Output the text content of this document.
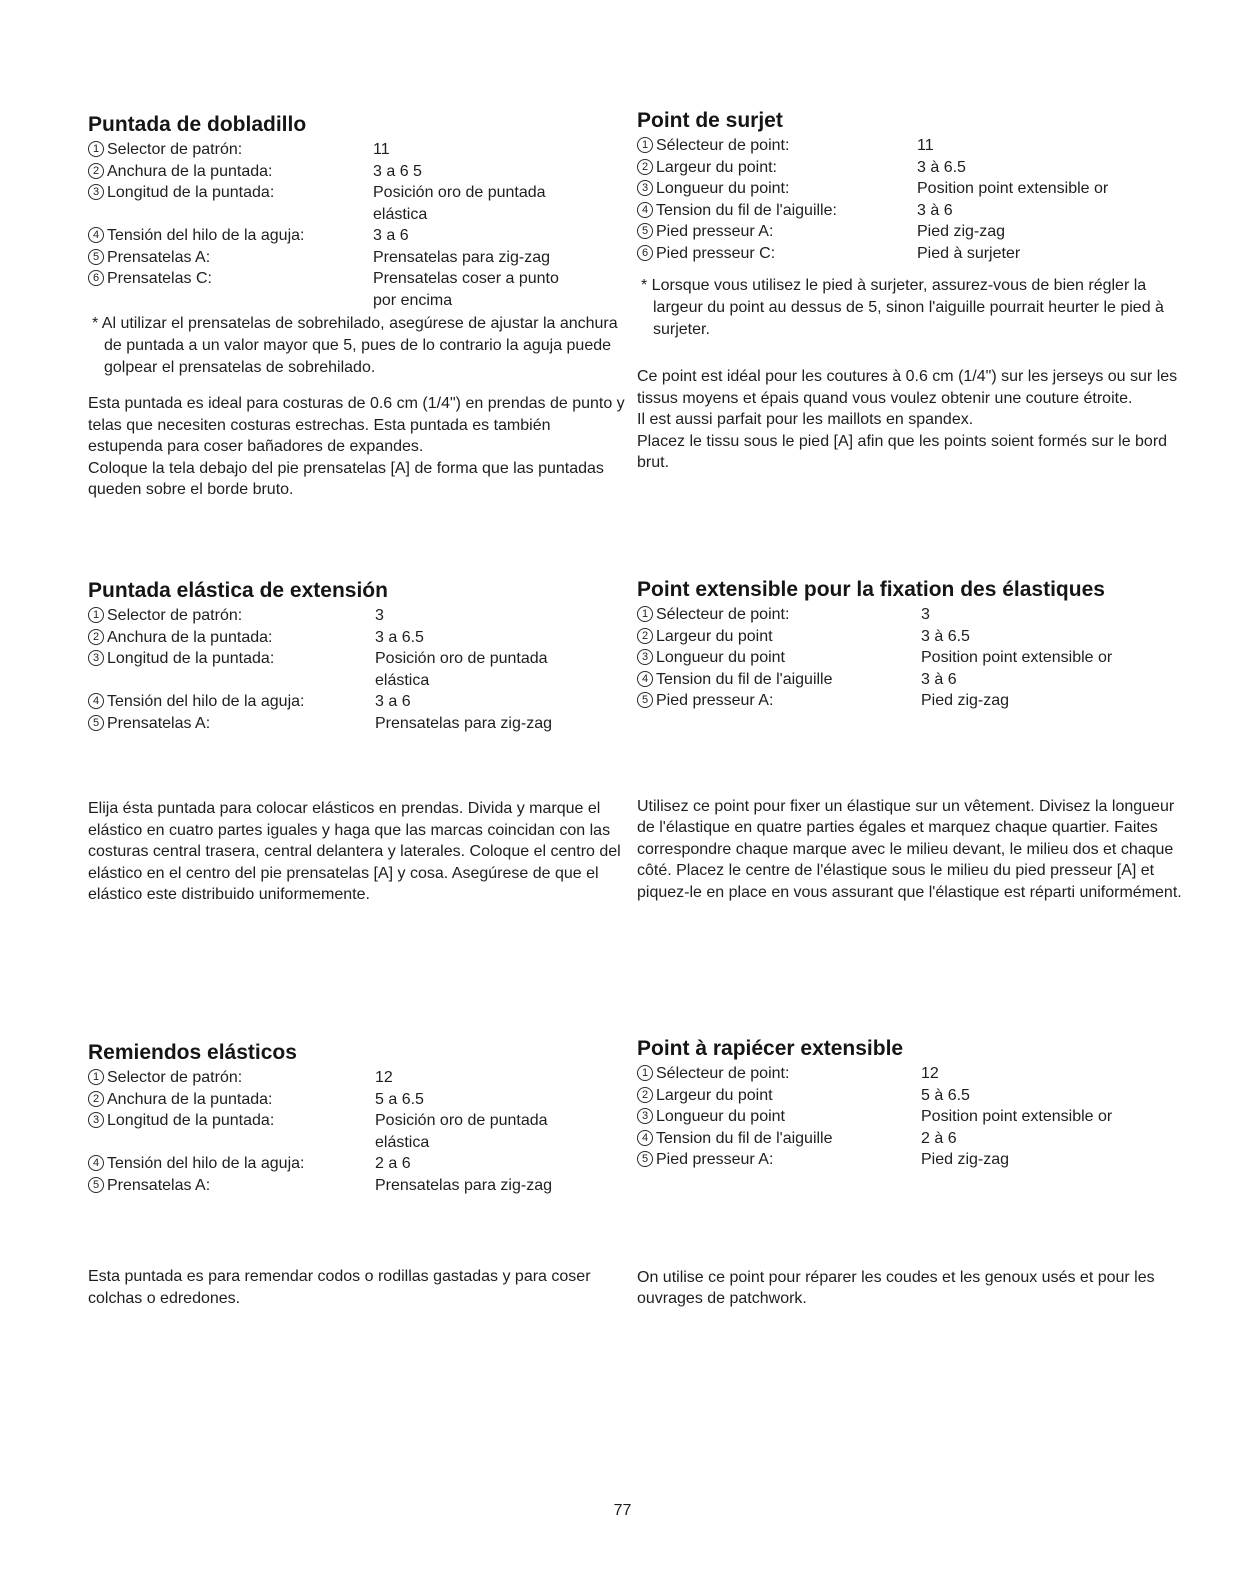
Puntada de dobladillo
1 Selector de patrón:	11
2 Anchura de la puntada:	3 a 6 5
3 Longitud de la puntada:	Posición oro de puntada
elástica
4 Tensión del hilo de la aguja:	3 a 6
5 Prensatelas A:	Prensatelas para zig-zag
6 Prensatelas C:	Prensatelas coser a punto
por encima

* Al utilizar el prensatelas de sobrehilado, asegúrese de ajustar la anchura de puntada a un valor mayor que 5, pues de lo contrario la aguja puede golpear el prensatelas de sobrehilado.

Esta puntada es ideal para costuras de 0.6 cm (1/4") en prendas de punto y telas que necesiten costuras estrechas. Esta puntada es también estupenda para coser bañadores de expandes.
Coloque la tela debajo del pie prensatelas [A] de forma que las puntadas queden sobre el borde bruto.

Point de surjet
1 Sélecteur de point:	11
2 Largeur du point:	3 à 6.5
3 Longueur du point:	Position point extensible or
4 Tension du fil de l'aiguille:	3 à 6
5 Pied presseur A:	Pied zig-zag
6 Pied presseur C:	Pied à surjeter

* Lorsque vous utilisez le pied à surjeter, assurez-vous de bien régler la largeur du point au dessus de 5, sinon l'aiguille pourrait heurter le pied à surjeter.

Ce point est idéal pour les coutures à 0.6 cm (1/4") sur les jerseys ou sur les tissus moyens et épais quand vous voulez obtenir une couture étroite.
Il est aussi parfait pour les maillots en spandex.
Placez le tissu sous le pied [A] afin que les points soient formés sur le bord brut.

Puntada elástica de extensión
1 Selector de patrón:	3
2 Anchura de la puntada:	3 a 6.5
3 Longitud de la puntada:	Posición oro de puntada
elástica
4 Tensión del hilo de la aguja:	3 a 6
5 Prensatelas A:	Prensatelas para zig-zag

Elija ésta puntada para colocar elásticos en prendas. Divida y marque el elástico en cuatro partes iguales y haga que las marcas coincidan con las costuras central trasera, central delantera y laterales. Coloque el centro del elástico en el centro del pie prensatelas [A] y cosa. Asegúrese de que el elástico este distribuido uniformemente.

Point extensible pour la fixation des élastiques
1 Sélecteur de point:	3
2 Largeur du point	3 à 6.5
3 Longueur du point	Position point extensible or
4 Tension du fil de l'aiguille	3 à 6
5 Pied presseur A:	Pied zig-zag

Utilisez ce point pour fixer un élastique sur un vêtement. Divisez la longueur de l'élastique en quatre parties égales et marquez chaque quartier. Faites correspondre chaque marque avec le milieu devant, le milieu dos et chaque côté. Placez le centre de l'élastique sous le milieu du pied presseur [A] et piquez-le en place en vous assurant que l'élastique est réparti uniformément.

Remiendos elásticos
1 Selector de patrón:	12
2 Anchura de la puntada:	5 a 6.5
3 Longitud de la puntada:	Posición oro de puntada
elástica
4 Tensión del hilo de la aguja:	2 a 6
5 Prensatelas A:	Prensatelas para zig-zag

Esta puntada es para remendar codos o rodillas gastadas y para coser colchas o edredones.

Point à rapiécer extensible
1 Sélecteur de point:	12
2 Largeur du point	5 à 6.5
3 Longueur du point	Position point extensible or
4 Tension du fil de l'aiguille	2 à 6
5 Pied presseur A:	Pied zig-zag

On utilise ce point pour réparer les coudes et les genoux usés et pour les ouvrages de patchwork.

77
